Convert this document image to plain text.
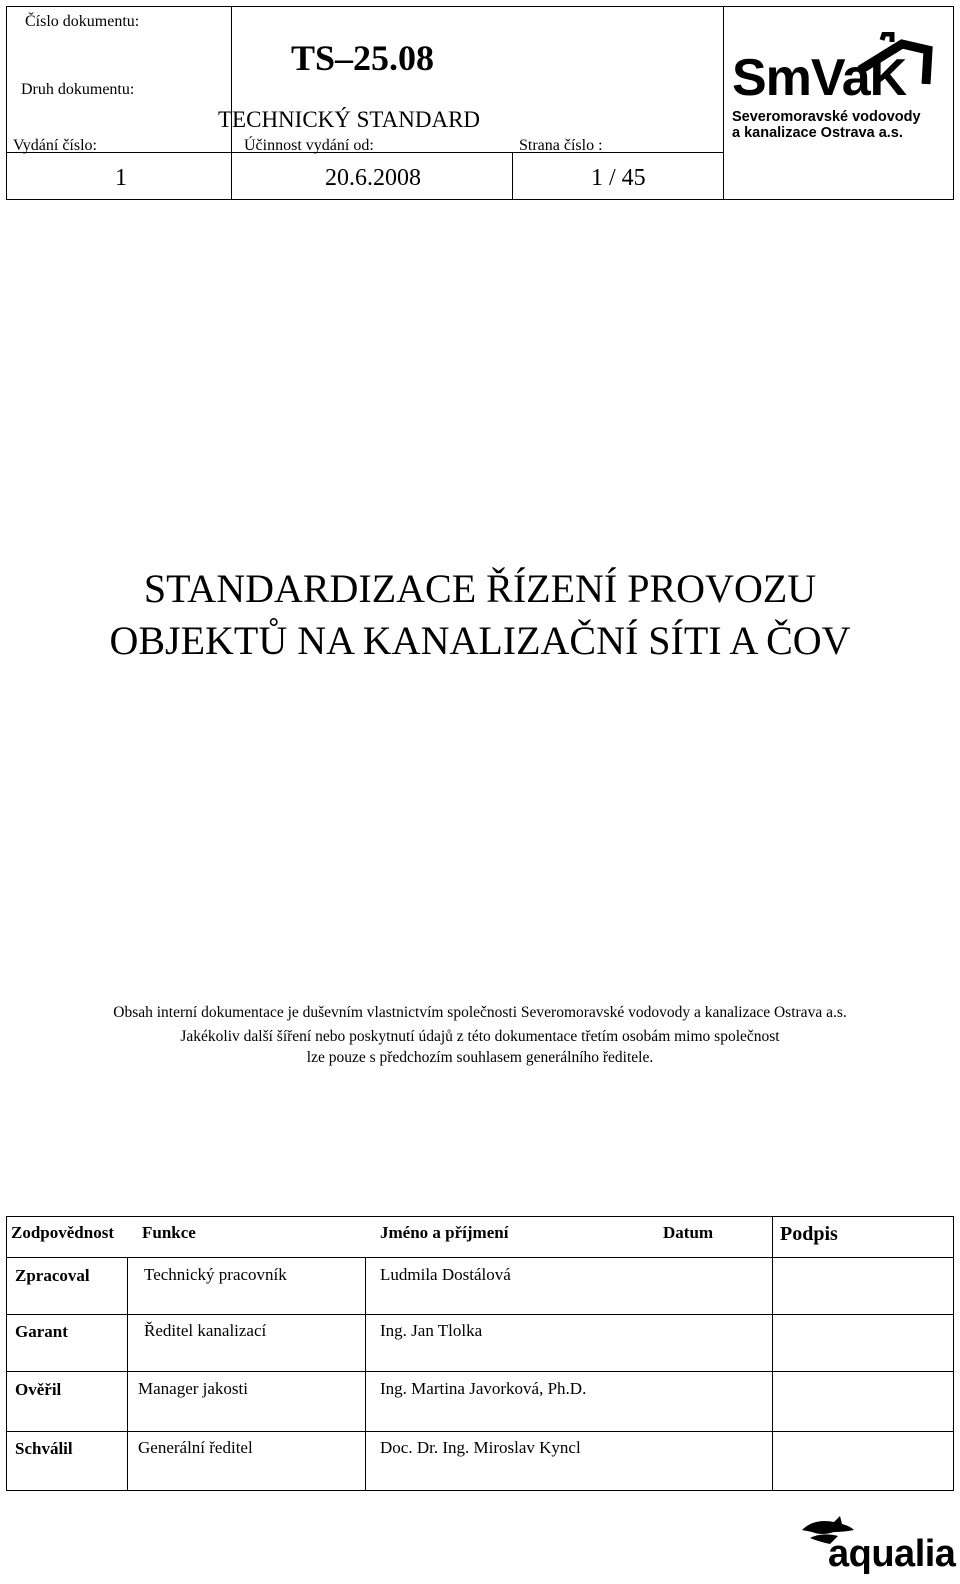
Číslo dokumentu:
Druh dokumentu:
Vydání číslo:
TS–25.08
TECHNICKÝ STANDARD
Účinnost vydání od:	Strana číslo :
1	20.6.2008	1 / 45
SmVaK
Severomoravské vodovody
a kanalizace Ostrava a.s.
STANDARDIZACE ŘÍZENÍ PROVOZU
OBJEKTŮ NA KANALIZAČNÍ SÍTI A ČOV
Obsah interní dokumentace je duševním vlastnictvím společnosti Severomoravské vodovody a kanalizace Ostrava a.s.
Jakékoliv další šíření nebo poskytnutí údajů z této dokumentace třetím osobám mimo společnost
lze pouze s předchozím souhlasem generálního ředitele.
Zodpovědnost Funkce	Jméno a příjmení	Datum	Podpis
Zpracoval	Technický pracovník	Ludmila Dostálová
Garant	Ředitel kanalizací	Ing. Jan Tlolka
Ověřil	Manager jakosti	Ing. Martina Javorková, Ph.D.
Schválil	Generální ředitel	Doc. Dr. Ing. Miroslav Kyncl
aqualia
